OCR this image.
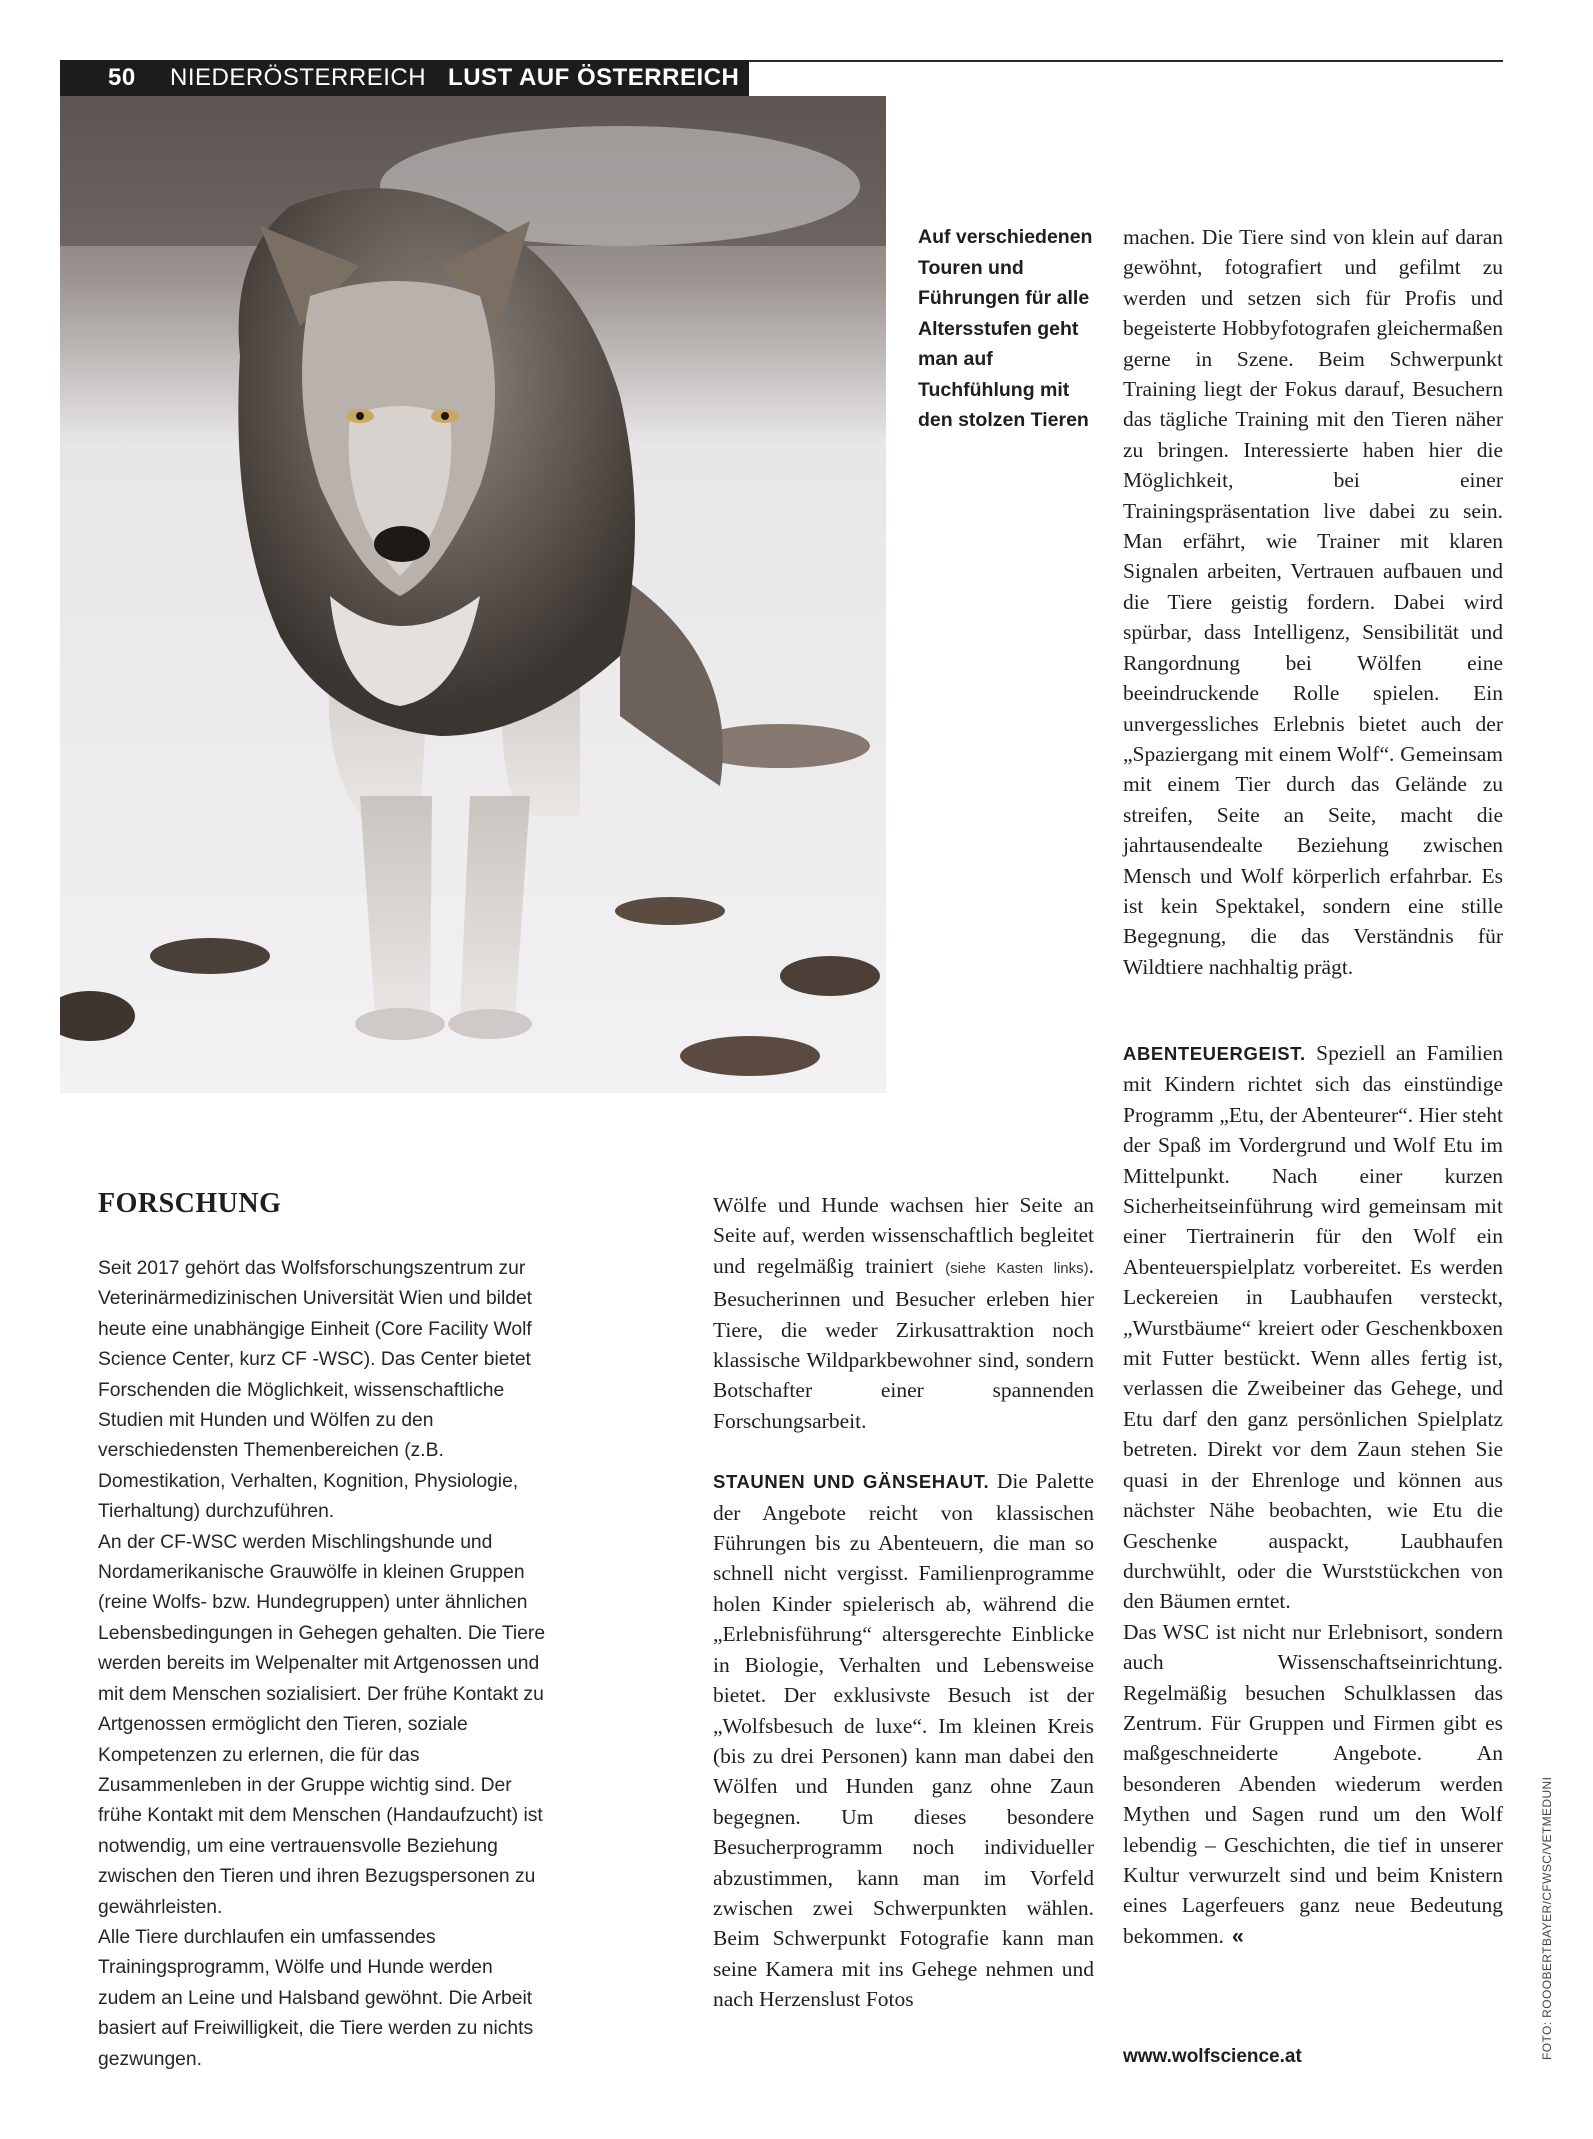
50 NIEDERÖSTERREICH LUST AUF ÖSTERREICH
Auf verschiedenen Touren und Führungen für alle Altersstufen geht man auf Tuchfühlung mit den stolzen Tieren

machen. Die Tiere sind von klein auf daran gewöhnt, fotografiert und gefilmt zu werden und setzen sich für Profis und begeisterte Hobbyfotografen gleichermaßen gerne in Szene. Beim Schwerpunkt Training liegt der Fokus darauf, Besuchern das tägliche Training mit den Tieren näher zu bringen. Interessierte haben hier die Möglichkeit, bei einer Trainingspräsentation live dabei zu sein. Man erfährt, wie Trainer mit klaren Signalen arbeiten, Vertrauen aufbauen und die Tiere geistig fordern. Dabei wird spürbar, dass Intelligenz, Sensibilität und Rangordnung bei Wölfen eine beeindruckende Rolle spielen. Ein unvergessliches Erlebnis bietet auch der „Spaziergang mit einem Wolf“. Gemeinsam mit einem Tier durch das Gelände zu streifen, Seite an Seite, macht die jahrtausendealte Beziehung zwischen Mensch und Wolf körperlich erfahrbar. Es ist kein Spektakel, sondern eine stille Begegnung, die das Verständnis für Wildtiere nachhaltig prägt.

ABENTEUERGEIST. Speziell an Familien mit Kindern richtet sich das einstündige Programm „Etu, der Abenteurer“. Hier steht der Spaß im Vordergrund und Wolf Etu im Mittelpunkt. Nach einer kurzen Sicherheitseinführung wird gemeinsam mit einer Tiertrainerin für den Wolf ein Abenteuerspielplatz vorbereitet. Es werden Leckereien in Laubhaufen versteckt, „Wurstbäume“ kreiert oder Geschenkboxen mit Futter bestückt. Wenn alles fertig ist, verlassen die Zweibeiner das Gehege, und Etu darf den ganz persönlichen Spielplatz betreten. Direkt vor dem Zaun stehen Sie quasi in der Ehrenloge und können aus nächster Nähe beobachten, wie Etu die Geschenke auspackt, Laubhaufen durchwühlt, oder die Wurststückchen von den Bäumen erntet.

Das WSC ist nicht nur Erlebnisort, sondern auch Wissenschaftseinrichtung. Regelmäßig besuchen Schulklassen das Zentrum. Für Gruppen und Firmen gibt es maßgeschneiderte Angebote. An besonderen Abenden wiederum werden Mythen und Sagen rund um den Wolf lebendig – Geschichten, die tief in unserer Kultur verwurzelt sind und beim Knistern eines Lagerfeuers ganz neue Bedeutung bekommen. «

www.wolfscience.at

Wölfe und Hunde wachsen hier Seite an Seite auf, werden wissenschaftlich begleitet und regelmäßig trainiert (siehe Kasten links). Besucherinnen und Besucher erleben hier Tiere, die weder Zirkusattraktion noch klassische Wildparkbewohner sind, sondern Botschafter einer spannenden Forschungsarbeit.

STAUNEN UND GÄNSEHAUT. Die Palette der Angebote reicht von klassischen Führungen bis zu Abenteuern, die man so schnell nicht vergisst. Familienprogramme holen Kinder spielerisch ab, während die „Erlebnisführung“ altersgerechte Einblicke in Biologie, Verhalten und Lebensweise bietet. Der exklusivste Besuch ist der „Wolfsbesuch de luxe“. Im kleinen Kreis (bis zu drei Personen) kann man dabei den Wölfen und Hunden ganz ohne Zaun begegnen. Um dieses besondere Besucherprogramm noch individueller abzustimmen, kann man im Vorfeld zwischen zwei Schwerpunkten wählen. Beim Schwerpunkt Fotografie kann man seine Kamera mit ins Gehege nehmen und nach Herzenslust Fotos

FORSCHUNG

Seit 2017 gehört das Wolfsforschungszentrum zur Veterinärmedizinischen Universität Wien und bildet heute eine unabhängige Einheit (Core Facility Wolf Science Center, kurz CF -WSC). Das Center bietet Forschenden die Möglichkeit, wissenschaftliche Studien mit Hunden und Wölfen zu den verschiedensten Themenbereichen (z.B. Domestikation, Verhalten, Kognition, Physiologie, Tierhaltung) durchzuführen.

An der CF-WSC werden Mischlingshunde und Nordamerikanische Grauwölfe in kleinen Gruppen (reine Wolfs- bzw. Hundegruppen) unter ähnlichen Lebensbedingungen in Gehegen gehalten. Die Tiere werden bereits im Welpenalter mit Artgenossen und mit dem Menschen sozialisiert. Der frühe Kontakt zu Artgenossen ermöglicht den Tieren, soziale Kompetenzen zu erlernen, die für das Zusammenleben in der Gruppe wichtig sind. Der frühe Kontakt mit dem Menschen (Handaufzucht) ist notwendig, um eine vertrauensvolle Beziehung zwischen den Tieren und ihren Bezugspersonen zu gewährleisten.

Alle Tiere durchlaufen ein umfassendes Trainingsprogramm, Wölfe und Hunde werden zudem an Leine und Halsband gewöhnt. Die Arbeit basiert auf Freiwilligkeit, die Tiere werden zu nichts gezwungen.	FOTO: ROOOBERTBAYER/CFWSC/VETMEDUNI
